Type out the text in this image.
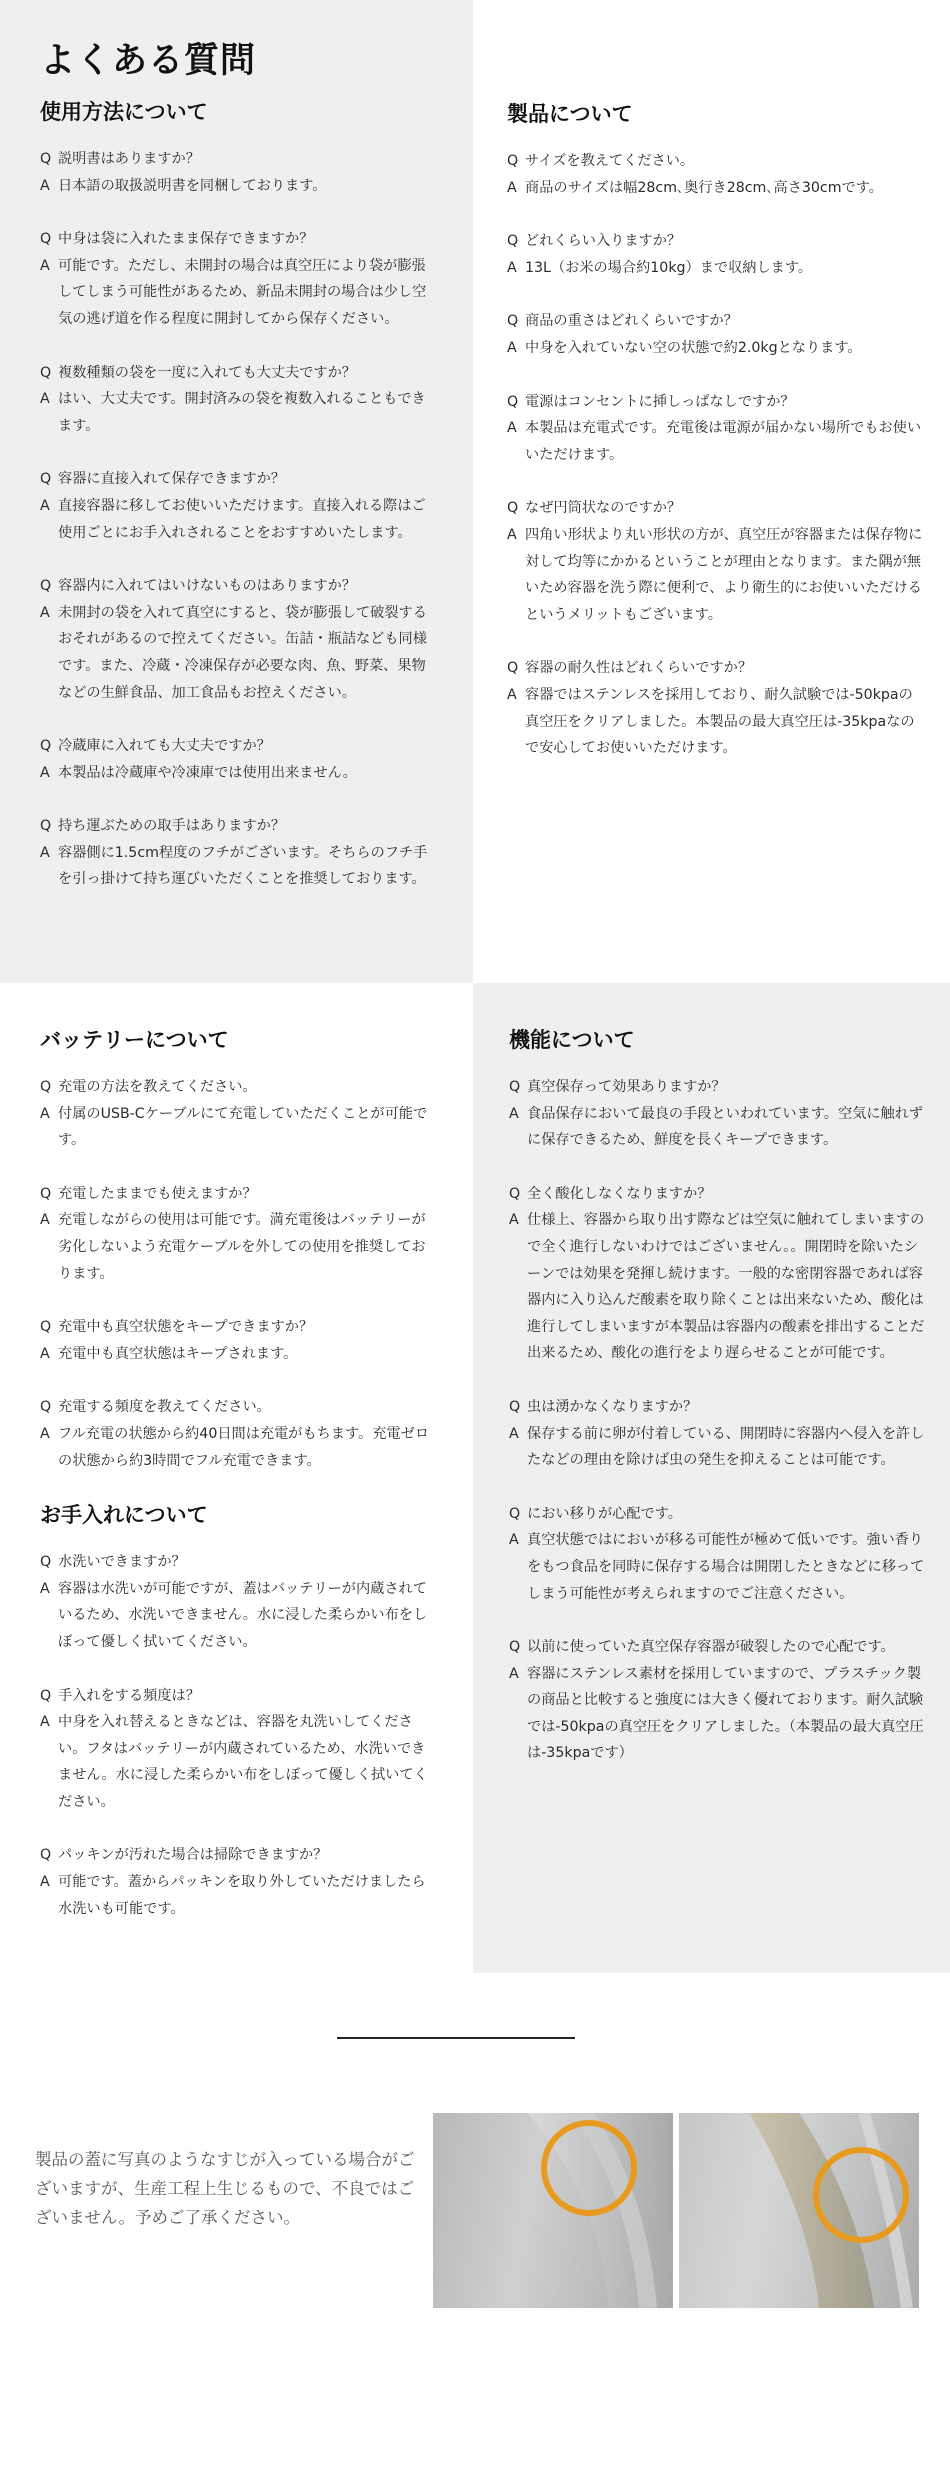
よくある質問
使用方法について
Q 説明書はありますか？
A 日本語の取扱説明書を同梱しております。
Q 中身は袋に入れたまま保存できますか？
A 可能です。ただし、未開封の場合は真空圧により袋が膨張してしまう可能性があるため、新品未開封の場合は少し空気の逃げ道を作る程度に開封してから保存ください。
Q 複数種類の袋を一度に入れても大丈夫ですか？
A はい、大丈夫です。開封済みの袋を複数入れることもできます。
Q 容器に直接入れて保存できますか？
A 直接容器に移してお使いいただけます。直接入れる際はご使用ごとにお手入れされることをおすすめいたします。
Q 容器内に入れてはいけないものはありますか？
A 未開封の袋を入れて真空にすると、袋が膨張して破裂するおそれがあるので控えてください。缶詰・瓶詰なども同様です。また、冷蔵・冷凍保存が必要な肉、魚、野菜、果物などの生鮮食品、加工食品もお控えください。
Q 冷蔵庫に入れても大丈夫ですか？
A 本製品は冷蔵庫や冷凍庫では使用出来ません。
Q 持ち運ぶための取手はありますか？
A 容器側に1.5cm程度のフチがございます。そちらのフチ手を引っ掛けて持ち運びいただくことを推奨しております。
製品について
Q サイズを教えてください。
A 商品のサイズは幅28cm､奥行き28cm､高さ30cmです。
Q どれくらい入りますか？
A 13L（お米の場合約10kg）まで収納します。
Q 商品の重さはどれくらいですか？
A 中身を入れていない空の状態で約2.0kgとなります。
Q 電源はコンセントに挿しっぱなしですか？
A 本製品は充電式です。充電後は電源が届かない場所でもお使いいただけます。
Q なぜ円筒状なのですか？
A 四角い形状より丸い形状の方が、真空圧が容器または保存物に対して均等にかかるということが理由となります。また隅が無いため容器を洗う際に便利で、より衛生的にお使いいただけるというメリットもございます。
Q 容器の耐久性はどれくらいですか？
A 容器ではステンレスを採用しており、耐久試験では-50kpaの真空圧をクリアしました。本製品の最大真空圧は-35kpaなので安心してお使いいただけます。
バッテリーについて
Q 充電の方法を教えてください。
A 付属のUSB-Cケーブルにて充電していただくことが可能です。
Q 充電したままでも使えますか？
A 充電しながらの使用は可能です。満充電後はバッテリーが劣化しないよう充電ケーブルを外しての使用を推奨しております。
Q 充電中も真空状態をキープできますか？
A 充電中も真空状態はキープされます。
Q 充電する頻度を教えてください。
A フル充電の状態から約40日間は充電がもちます。充電ゼロの状態から約3時間でフル充電できます。
お手入れについて
Q 水洗いできますか？
A 容器は水洗いが可能ですが、蓋はバッテリーが内蔵されているため、水洗いできません。水に浸した柔らかい布をしぼって優しく拭いてください。
Q 手入れをする頻度は？
A 中身を入れ替えるときなどは、容器を丸洗いしてください。フタはバッテリーが内蔵されているため、水洗いできません。水に浸した柔らかい布をしぼって優しく拭いてください。
Q パッキンが汚れた場合は掃除できますか？
A 可能です。蓋からパッキンを取り外していただけましたら水洗いも可能です。
機能について
Q 真空保存って効果ありますか？
A 食品保存において最良の手段といわれています。空気に触れずに保存できるため、鮮度を長くキープできます。
Q 全く酸化しなくなりますか？
A 仕様上、容器から取り出す際などは空気に触れてしまいますので全く進行しないわけではございません。。開閉時を除いたシーンでは効果を発揮し続けます。一般的な密閉容器であれば容器内に入り込んだ酸素を取り除くことは出来ないため、酸化は進行してしまいますが本製品は容器内の酸素を排出することだ出来るため、酸化の進行をより遅らせることが可能です。
Q 虫は湧かなくなりますか？
A 保存する前に卵が付着している、開閉時に容器内へ侵入を許したなどの理由を除けば虫の発生を抑えることは可能です。
Q におい移りが心配です。
A 真空状態ではにおいが移る可能性が極めて低いです。強い香りをもつ食品を同時に保存する場合は開閉したときなどに移ってしまう可能性が考えられますのでご注意ください。
Q 以前に使っていた真空保存容器が破裂したので心配です。
A 容器にステンレス素材を採用していますので、プラスチック製の商品と比較すると強度には大きく優れております。耐久試験では-50kpaの真空圧をクリアしました。（本製品の最大真空圧は-35kpaです）

製品の蓋に写真のようなすじが入っている場合がございますが、生産工程上生じるもので、不良ではございません。予めご了承ください。
